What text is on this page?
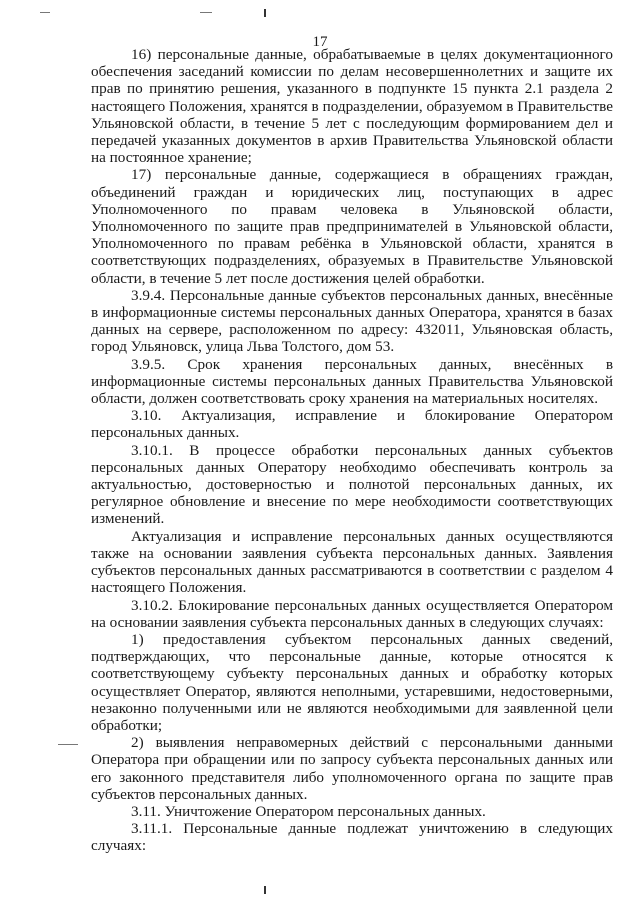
17

16) персональные данные, обрабатываемые в целях документационного обеспечения заседаний комиссии по делам несовершеннолетних и защите их прав по принятию решения, указанного в подпункте 15 пункта 2.1 раздела 2 настоящего Положения, хранятся в подразделении, образуемом в Правительстве Ульяновской области, в течение 5 лет с последующим формированием дел и передачей указанных документов в архив Правительства Ульяновской области на постоянное хранение;

17) персональные данные, содержащиеся в обращениях граждан, объединений граждан и юридических лиц, поступающих в адрес Уполномоченного по правам человека в Ульяновской области, Уполномоченного по защите прав предпринимателей в Ульяновской области, Уполномоченного по правам ребёнка в Ульяновской области, хранятся в соответствующих подразделениях, образуемых в Правительстве Ульяновской области, в течение 5 лет после достижения целей обработки.

3.9.4. Персональные данные субъектов персональных данных, внесённые в информационные системы персональных данных Оператора, хранятся в базах данных на сервере, расположенном по адресу: 432011, Ульяновская область, город Ульяновск, улица Льва Толстого, дом 53.

3.9.5. Срок хранения персональных данных, внесённых в информационные системы персональных данных Правительства Ульяновской области, должен соответствовать сроку хранения на материальных носителях.

3.10. Актуализация, исправление и блокирование Оператором персональных данных.

3.10.1. В процессе обработки персональных данных субъектов персональных данных Оператору необходимо обеспечивать контроль за актуальностью, достоверностью и полнотой персональных данных, их регулярное обновление и внесение по мере необходимости соответствующих изменений.

Актуализация и исправление персональных данных осуществляются также на основании заявления субъекта персональных данных. Заявления субъектов персональных данных рассматриваются в соответствии с разделом 4 настоящего Положения.

3.10.2. Блокирование персональных данных осуществляется Оператором на основании заявления субъекта персональных данных в следующих случаях:

1) предоставления субъектом персональных данных сведений, подтверждающих, что персональные данные, которые относятся к соответствующему субъекту персональных данных и обработку которых осуществляет Оператор, являются неполными, устаревшими, недостоверными, незаконно полученными или не являются необходимыми для заявленной цели обработки;

2) выявления неправомерных действий с персональными данными Оператора при обращении или по запросу субъекта персональных данных или его законного представителя либо уполномоченного органа по защите прав субъектов персональных данных.

3.11. Уничтожение Оператором персональных данных.

3.11.1. Персональные данные подлежат уничтожению в следующих случаях:
